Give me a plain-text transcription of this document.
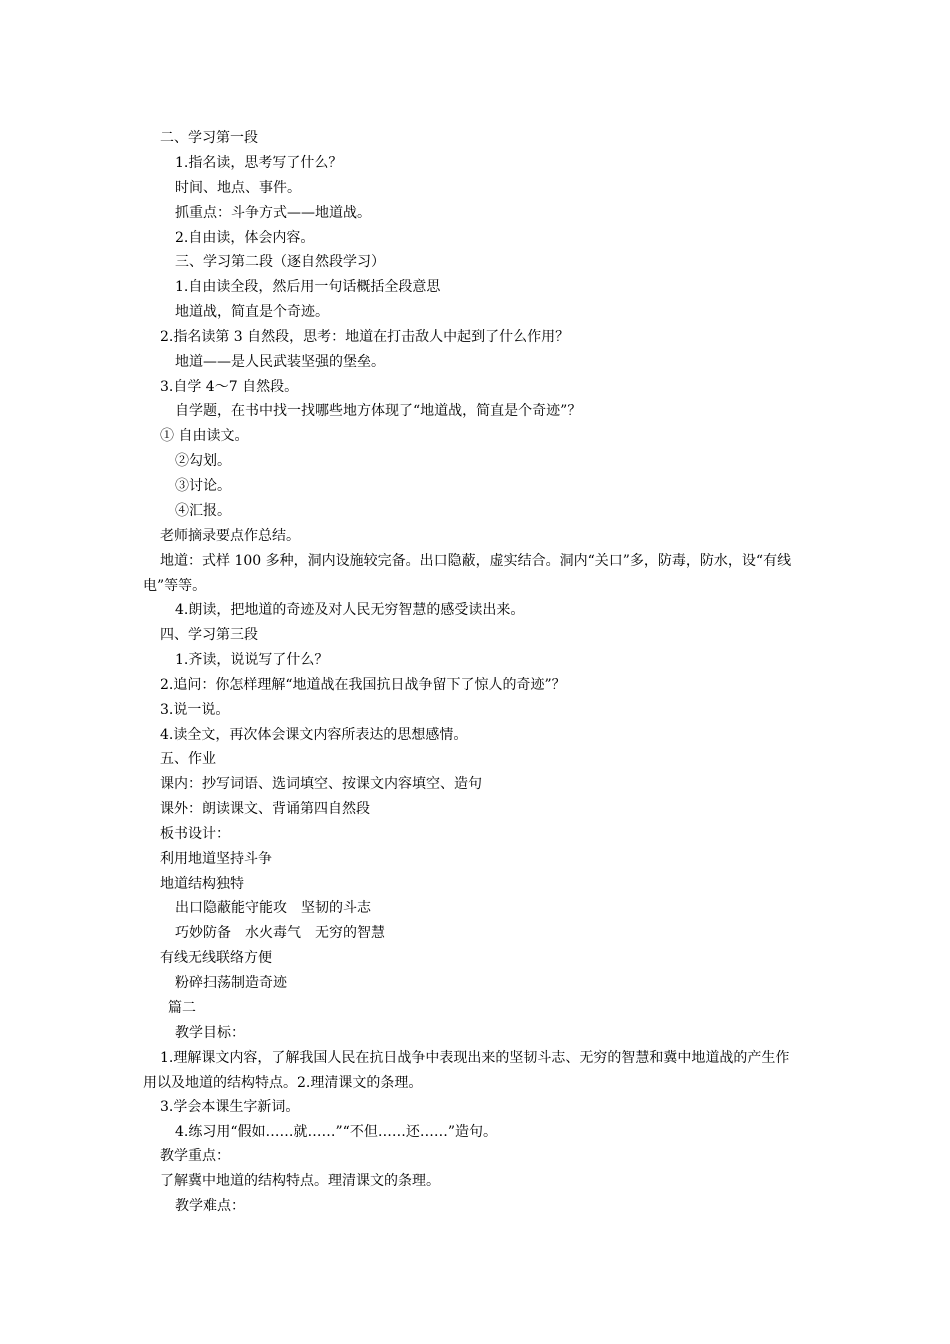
二、学习第一段
1.指名读，思考写了什么？
时间、地点、事件。
抓重点：斗争方式——地道战。
2.自由读，体会内容。
三、学习第二段（逐自然段学习）
1.自由读全段，然后用一句话概括全段意思
地道战，简直是个奇迹。
2.指名读第 3 自然段，思考：地道在打击敌人中起到了什么作用？
地道——是人民武装坚强的堡垒。
3.自学 4～7 自然段。
自学题，在书中找一找哪些地方体现了“地道战，简直是个奇迹”？
① 自由读文。
②勾划。
③讨论。
④汇报。
老师摘录要点作总结。
地道：式样 100 多种，洞内设施较完备。出口隐蔽，虚实结合。洞内“关口”多，防毒，防水，设“有线电”等等。
4.朗读，把地道的奇迹及对人民无穷智慧的感受读出来。
四、学习第三段
1.齐读，说说写了什么？
2.追问：你怎样理解“地道战在我国抗日战争留下了惊人的奇迹”？
3.说一说。
4.读全文，再次体会课文内容所表达的思想感情。
五、作业
课内：抄写词语、选词填空、按课文内容填空、造句
课外：朗读课文、背诵第四自然段
板书设计：
利用地道坚持斗争
地道结构独特
出口隐蔽能守能攻　坚韧的斗志
巧妙防备　水火毒气　无穷的智慧
有线无线联络方便
粉碎扫荡制造奇迹
篇二
教学目标：
1.理解课文内容，了解我国人民在抗日战争中表现出来的坚韧斗志、无穷的智慧和冀中地道战的产生作用以及地道的结构特点。2.理清课文的条理。
3.学会本课生字新词。
4.练习用“假如……就……”“不但……还……”造句。
教学重点：
了解冀中地道的结构特点。理清课文的条理。
教学难点：
